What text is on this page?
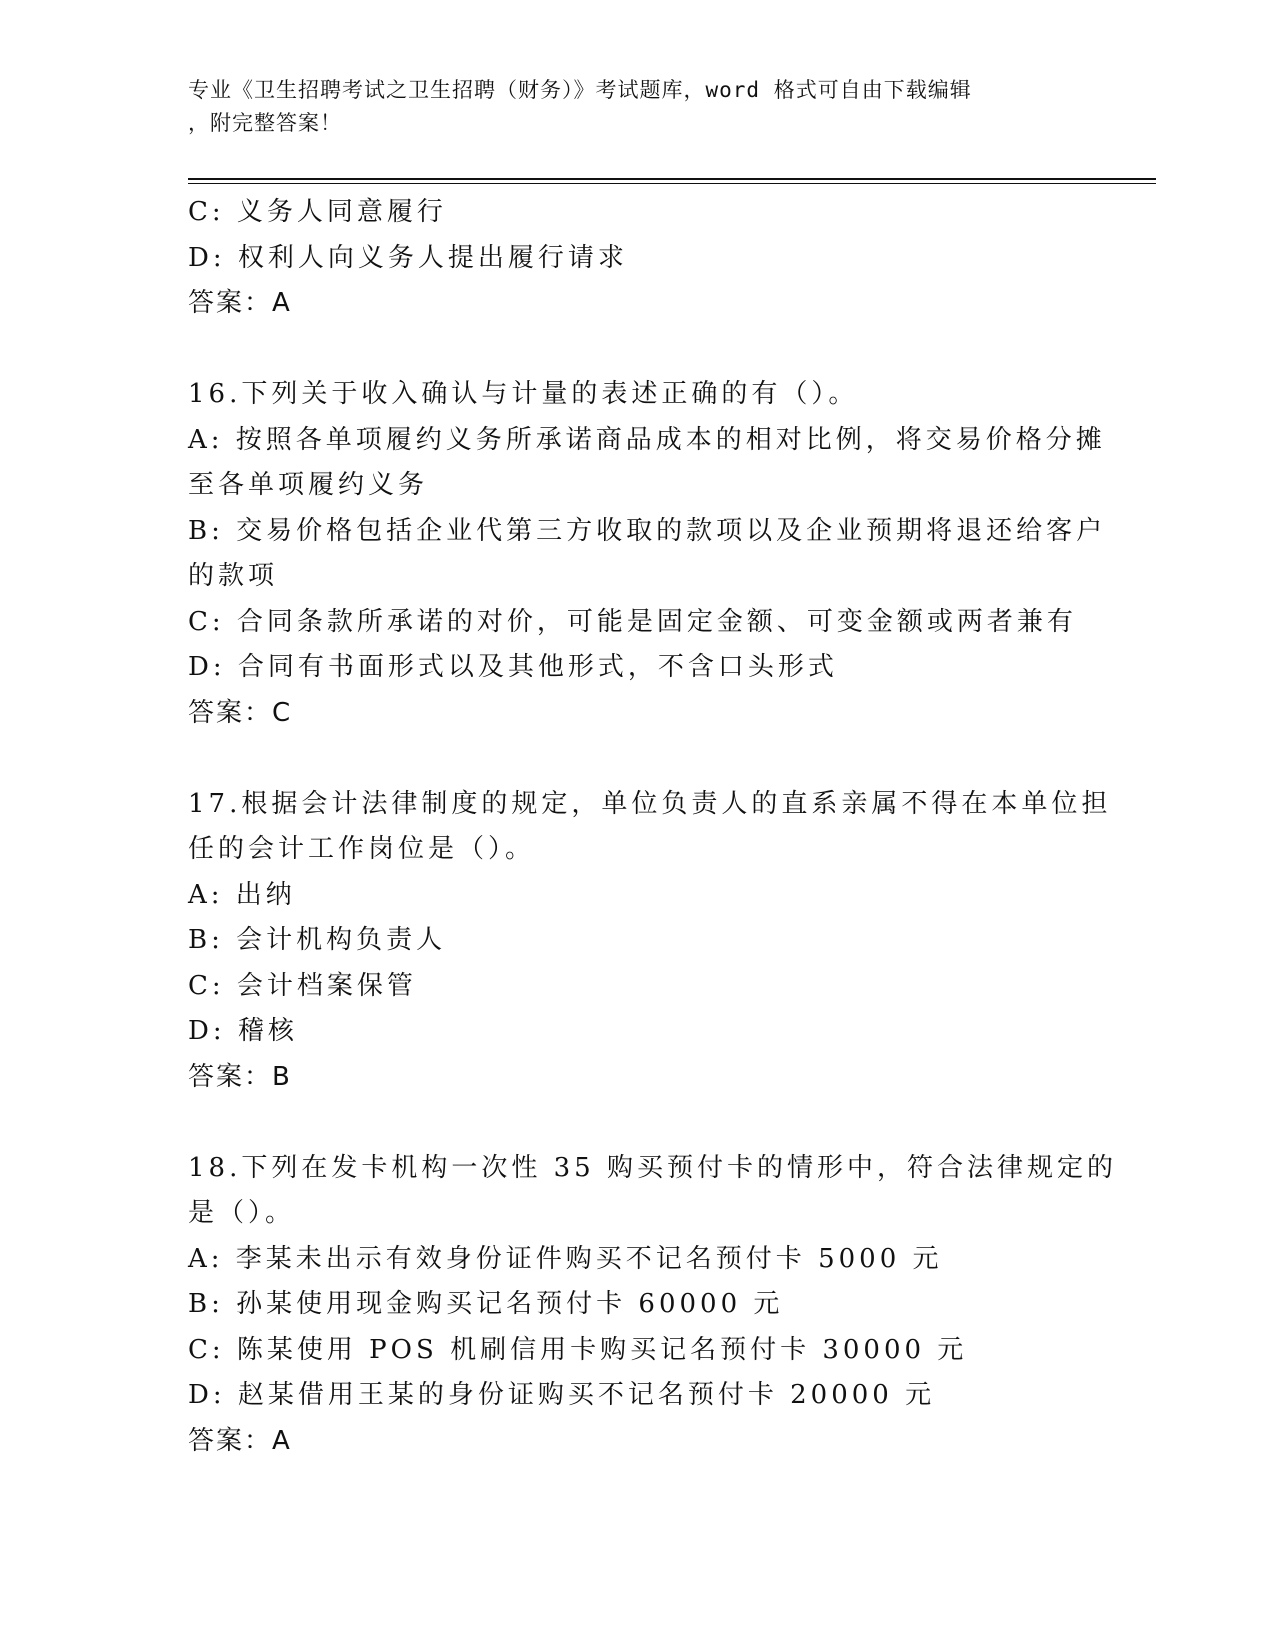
专业《卫生招聘考试之卫生招聘（财务）》考试题库，word 格式可自由下载编辑
，附完整答案！
C: 义务人同意履行
D: 权利人向义务人提出履行请求
答案：A
16.下列关于收入确认与计量的表述正确的有（）。
A: 按照各单项履约义务所承诺商品成本的相对比例，将交易价格分摊
至各单项履约义务
B: 交易价格包括企业代第三方收取的款项以及企业预期将退还给客户
的款项
C: 合同条款所承诺的对价，可能是固定金额、可变金额或两者兼有
D: 合同有书面形式以及其他形式，不含口头形式
答案：C
17.根据会计法律制度的规定，单位负责人的直系亲属不得在本单位担
任的会计工作岗位是（）。
A: 出纳
B: 会计机构负责人
C: 会计档案保管
D: 稽核
答案：B
18.下列在发卡机构一次性 35 购买预付卡的情形中，符合法律规定的
是（）。
A: 李某未出示有效身份证件购买不记名预付卡 5000 元
B: 孙某使用现金购买记名预付卡 60000 元
C: 陈某使用 POS 机刷信用卡购买记名预付卡 30000 元
D: 赵某借用王某的身份证购买不记名预付卡 20000 元
答案：A
